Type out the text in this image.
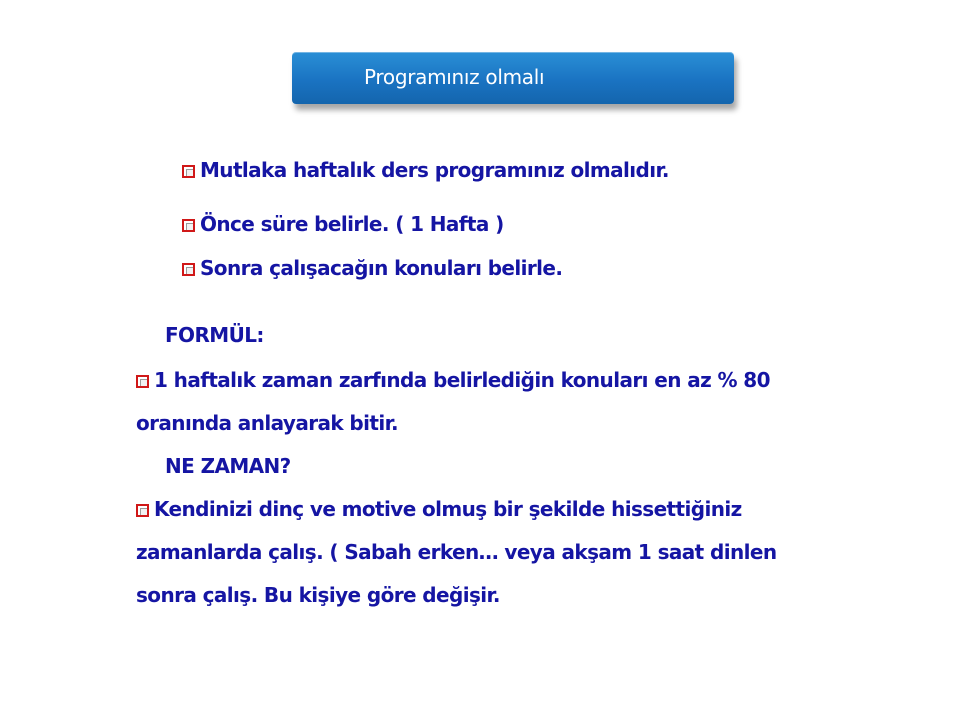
Programınız olmalı
Mutlaka haftalık ders programınız olmalıdır.
Önce süre belirle. ( 1 Hafta )
Sonra çalışacağın konuları belirle.
FORMÜL:
1 haftalık zaman zarfında belirlediğin konuları en az % 80
oranında anlayarak bitir.
NE ZAMAN?
Kendinizi dinç ve motive olmuş bir şekilde hissettiğiniz
zamanlarda çalış. ( Sabah erken… veya akşam 1 saat dinlen
sonra çalış. Bu kişiye göre değişir.
